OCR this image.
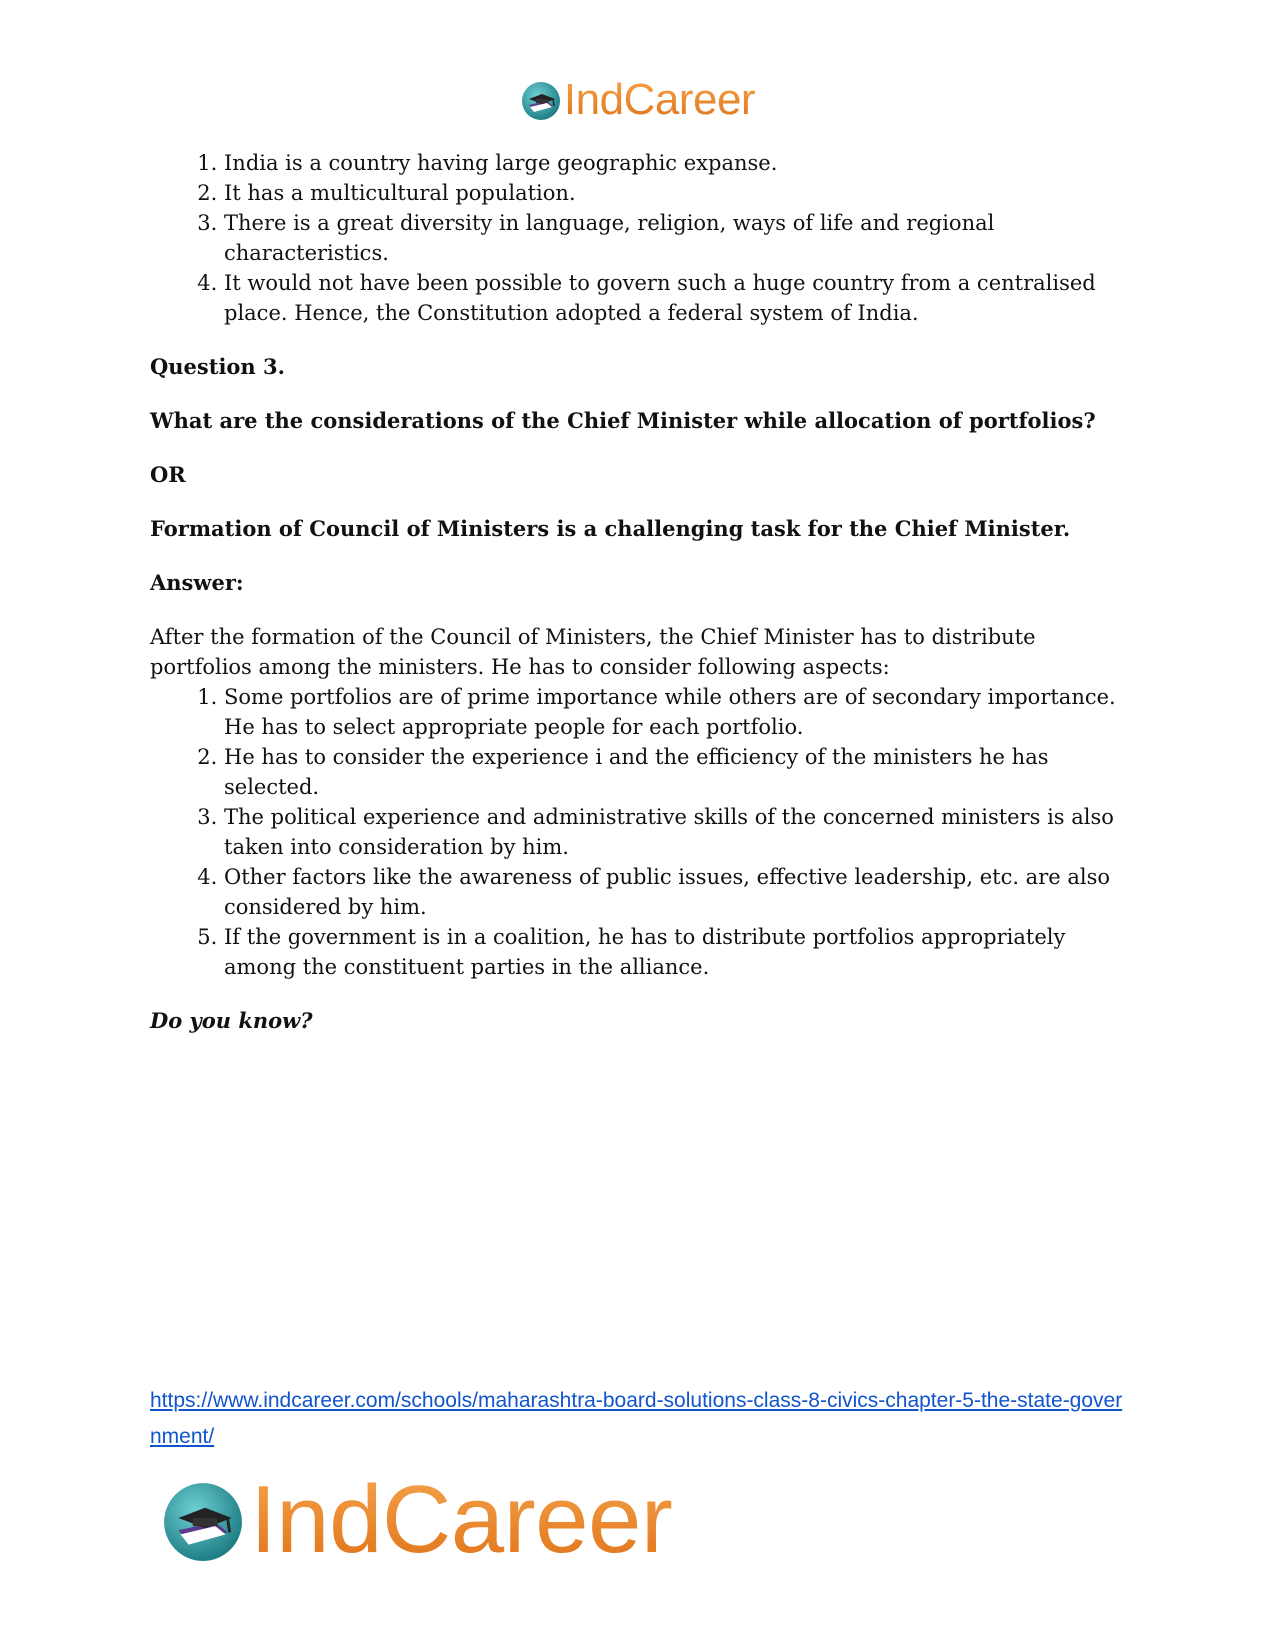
IndCareer
1. India is a country having large geographic expanse.
2. It has a multicultural population.
3. There is a great diversity in language, religion, ways of life and regional characteristics.
4. It would not have been possible to govern such a huge country from a centralised place. Hence, the Constitution adopted a federal system of India.

Question 3.

What are the considerations of the Chief Minister while allocation of portfolios?

OR

Formation of Council of Ministers is a challenging task for the Chief Minister.

Answer:

After the formation of the Council of Ministers, the Chief Minister has to distribute portfolios among the ministers. He has to consider following aspects:

1. Some portfolios are of prime importance while others are of secondary importance. He has to select appropriate people for each portfolio.
2. He has to consider the experience i and the efficiency of the ministers he has selected.
3. The political experience and administrative skills of the concerned ministers is also taken into consideration by him.
4. Other factors like the awareness of public issues, effective leadership, etc. are also considered by him.
5. If the government is in a coalition, he has to distribute portfolios appropriately among the constituent parties in the alliance.

Do you know?

https://www.indcareer.com/schools/maharashtra-board-solutions-class-8-civics-chapter-5-the-state-government/
IndCareer
